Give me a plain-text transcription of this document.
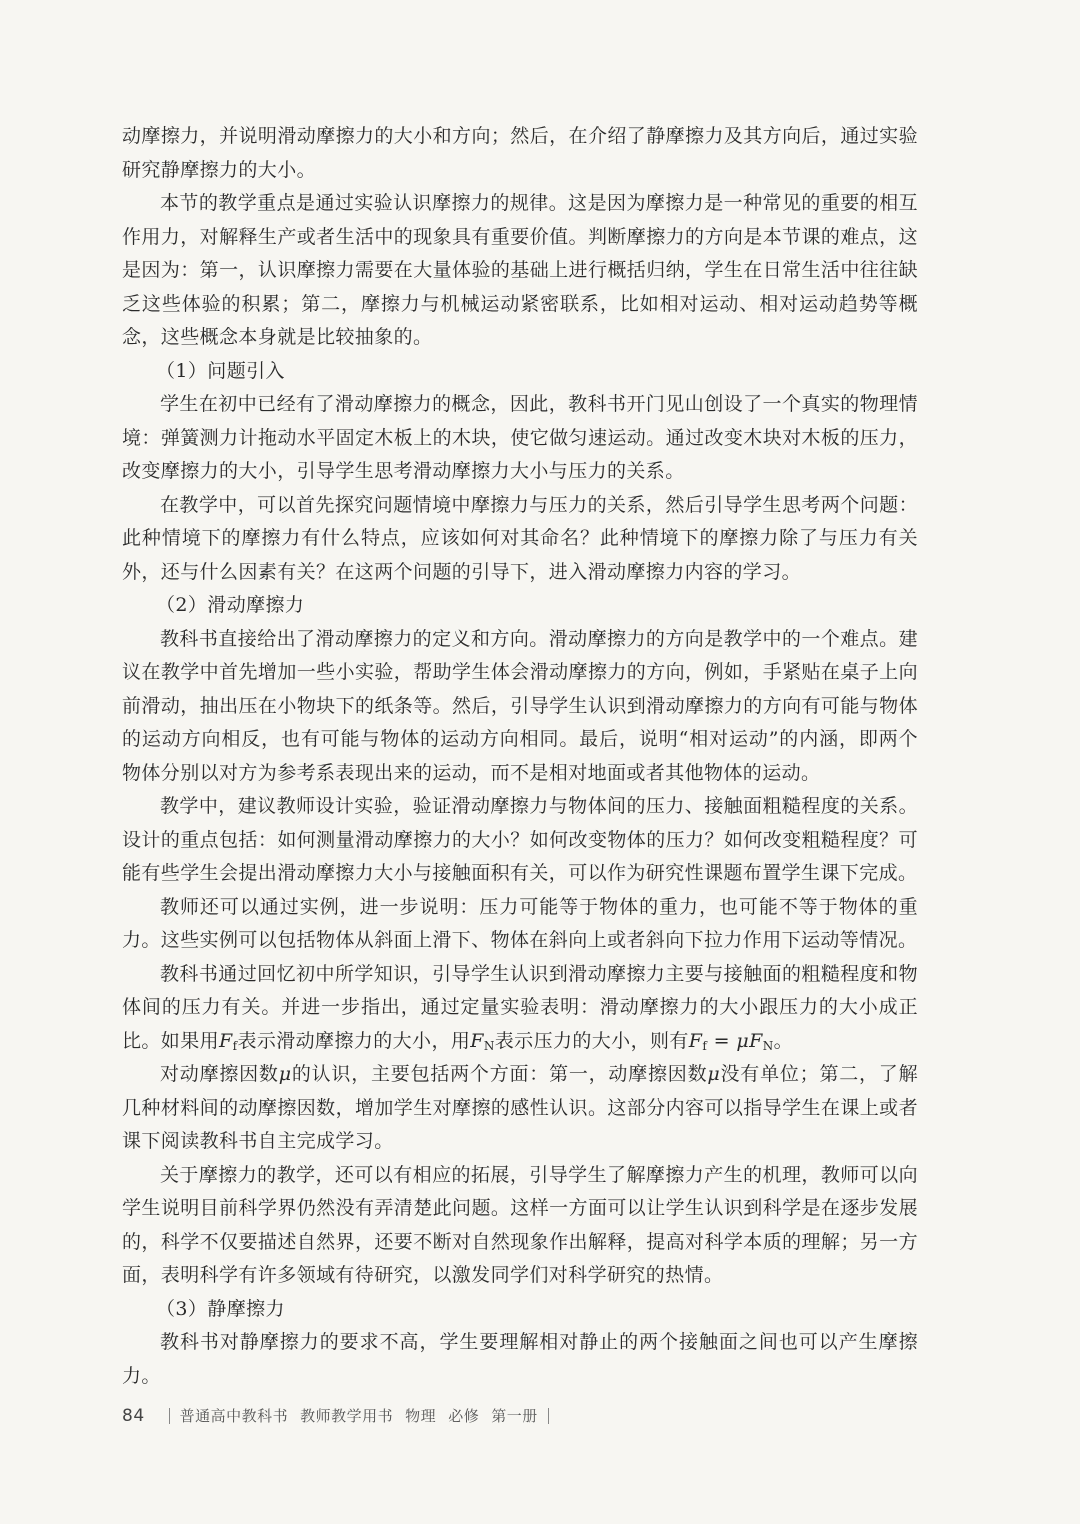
动摩擦力，并说明滑动摩擦力的大小和方向；然后，在介绍了静摩擦力及其方向后，通过实验研究静摩擦力的大小。

本节的教学重点是通过实验认识摩擦力的规律。这是因为摩擦力是一种常见的重要的相互作用力，对解释生产或者生活中的现象具有重要价值。判断摩擦力的方向是本节课的难点，这是因为：第一，认识摩擦力需要在大量体验的基础上进行概括归纳，学生在日常生活中往往缺乏这些体验的积累；第二，摩擦力与机械运动紧密联系，比如相对运动、相对运动趋势等概念，这些概念本身就是比较抽象的。

（1）问题引入

学生在初中已经有了滑动摩擦力的概念，因此，教科书开门见山创设了一个真实的物理情境：弹簧测力计拖动水平固定木板上的木块，使它做匀速运动。通过改变木块对木板的压力，改变摩擦力的大小，引导学生思考滑动摩擦力大小与压力的关系。

在教学中，可以首先探究问题情境中摩擦力与压力的关系，然后引导学生思考两个问题：此种情境下的摩擦力有什么特点，应该如何对其命名？此种情境下的摩擦力除了与压力有关外，还与什么因素有关？在这两个问题的引导下，进入滑动摩擦力内容的学习。

（2）滑动摩擦力

教科书直接给出了滑动摩擦力的定义和方向。滑动摩擦力的方向是教学中的一个难点。建议在教学中首先增加一些小实验，帮助学生体会滑动摩擦力的方向，例如，手紧贴在桌子上向前滑动，抽出压在小物块下的纸条等。然后，引导学生认识到滑动摩擦力的方向有可能与物体的运动方向相反，也有可能与物体的运动方向相同。最后，说明“相对运动”的内涵，即两个物体分别以对方为参考系表现出来的运动，而不是相对地面或者其他物体的运动。

教学中，建议教师设计实验，验证滑动摩擦力与物体间的压力、接触面粗糙程度的关系。设计的重点包括：如何测量滑动摩擦力的大小？如何改变物体的压力？如何改变粗糙程度？可能有些学生会提出滑动摩擦力大小与接触面积有关，可以作为研究性课题布置学生课下完成。

教师还可以通过实例，进一步说明：压力可能等于物体的重力，也可能不等于物体的重力。这些实例可以包括物体从斜面上滑下、物体在斜向上或者斜向下拉力作用下运动等情况。

教科书通过回忆初中所学知识，引导学生认识到滑动摩擦力主要与接触面的粗糙程度和物体间的压力有关。并进一步指出，通过定量实验表明：滑动摩擦力的大小跟压力的大小成正比。如果用$F_f$表示滑动摩擦力的大小，用$F_N$表示压力的大小，则有$F_f = \mu F_N$。

对动摩擦因数μ的认识，主要包括两个方面：第一，动摩擦因数μ没有单位；第二，了解几种材料间的动摩擦因数，增加学生对摩擦的感性认识。这部分内容可以指导学生在课上或者课下阅读教科书自主完成学习。

关于摩擦力的教学，还可以有相应的拓展，引导学生了解摩擦力产生的机理，教师可以向学生说明目前科学界仍然没有弄清楚此问题。这样一方面可以让学生认识到科学是在逐步发展的，科学不仅要描述自然界，还要不断对自然现象作出解释，提高对科学本质的理解；另一方面，表明科学有许多领域有待研究，以激发同学们对科学研究的热情。

（3）静摩擦力

教科书对静摩擦力的要求不高，学生要理解相对静止的两个接触面之间也可以产生摩擦力。

84 普通高中教科书 教师教学用书 物理 必修 第一册
